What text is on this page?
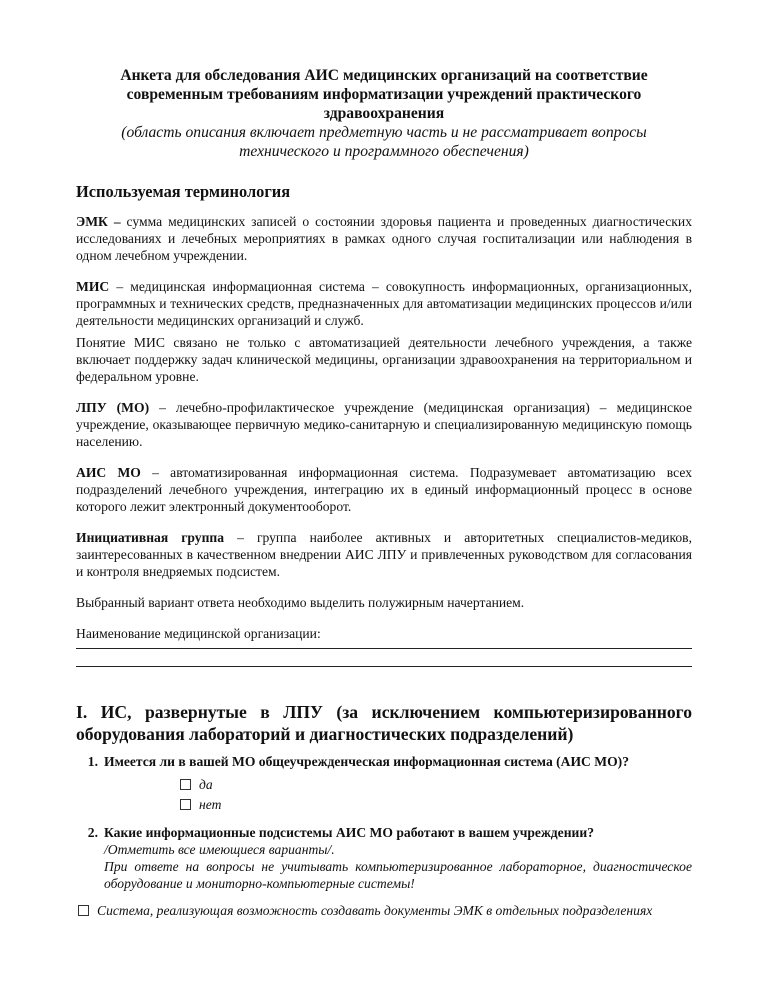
Анкета для обследования АИС медицинских организаций на соответствие современным требованиям информатизации учреждений практического здравоохранения
(область описания включает предметную часть и не рассматривает вопросы технического и программного обеспечения)
Используемая терминология

ЭМК – сумма медицинских записей о состоянии здоровья пациента и проведенных диагностических исследованиях и лечебных мероприятиях в рамках одного случая госпитализации или наблюдения в одном лечебном учреждении.

МИС – медицинская информационная система – совокупность информационных, организационных, программных и технических средств, предназначенных для автоматизации медицинских процессов и/или деятельности медицинских организаций и служб.

Понятие МИС связано не только с автоматизацией деятельности лечебного учреждения, а также включает поддержку задач клинической медицины, организации здравоохранения на территориальном и федеральном уровне.

ЛПУ (МО) – лечебно-профилактическое учреждение (медицинская организация) – медицинское учреждение, оказывающее первичную медико-санитарную и специализированную медицинскую помощь населению.

АИС МО – автоматизированная информационная система. Подразумевает автоматизацию всех подразделений лечебного учреждения, интеграцию их в единый информационный процесс в основе которого лежит электронный документооборот.

Инициативная группа – группа наиболее активных и авторитетных специалистов-медиков, заинтересованных в качественном внедрении АИС ЛПУ и привлеченных руководством для согласования и контроля внедряемых подсистем.

Выбранный вариант ответа необходимо выделить полужирным начертанием.

Наименование медицинской организации:

I. ИС, развернутые в ЛПУ (за исключением компьютеризированного оборудования лабораторий и диагностических подразделений)
1. Имеется ли в вашей МО общеучрежденческая информационная система (АИС МО)?
да
нет
2. Какие информационные подсистемы АИС МО работают в вашем учреждении?
/Отметить все имеющиеся варианты/.
При ответе на вопросы не учитывать компьютеризированное лабораторное, диагностическое оборудование и мониторно-компьютерные системы!
Система, реализующая возможность создавать документы ЭМК в отдельных подразделениях
